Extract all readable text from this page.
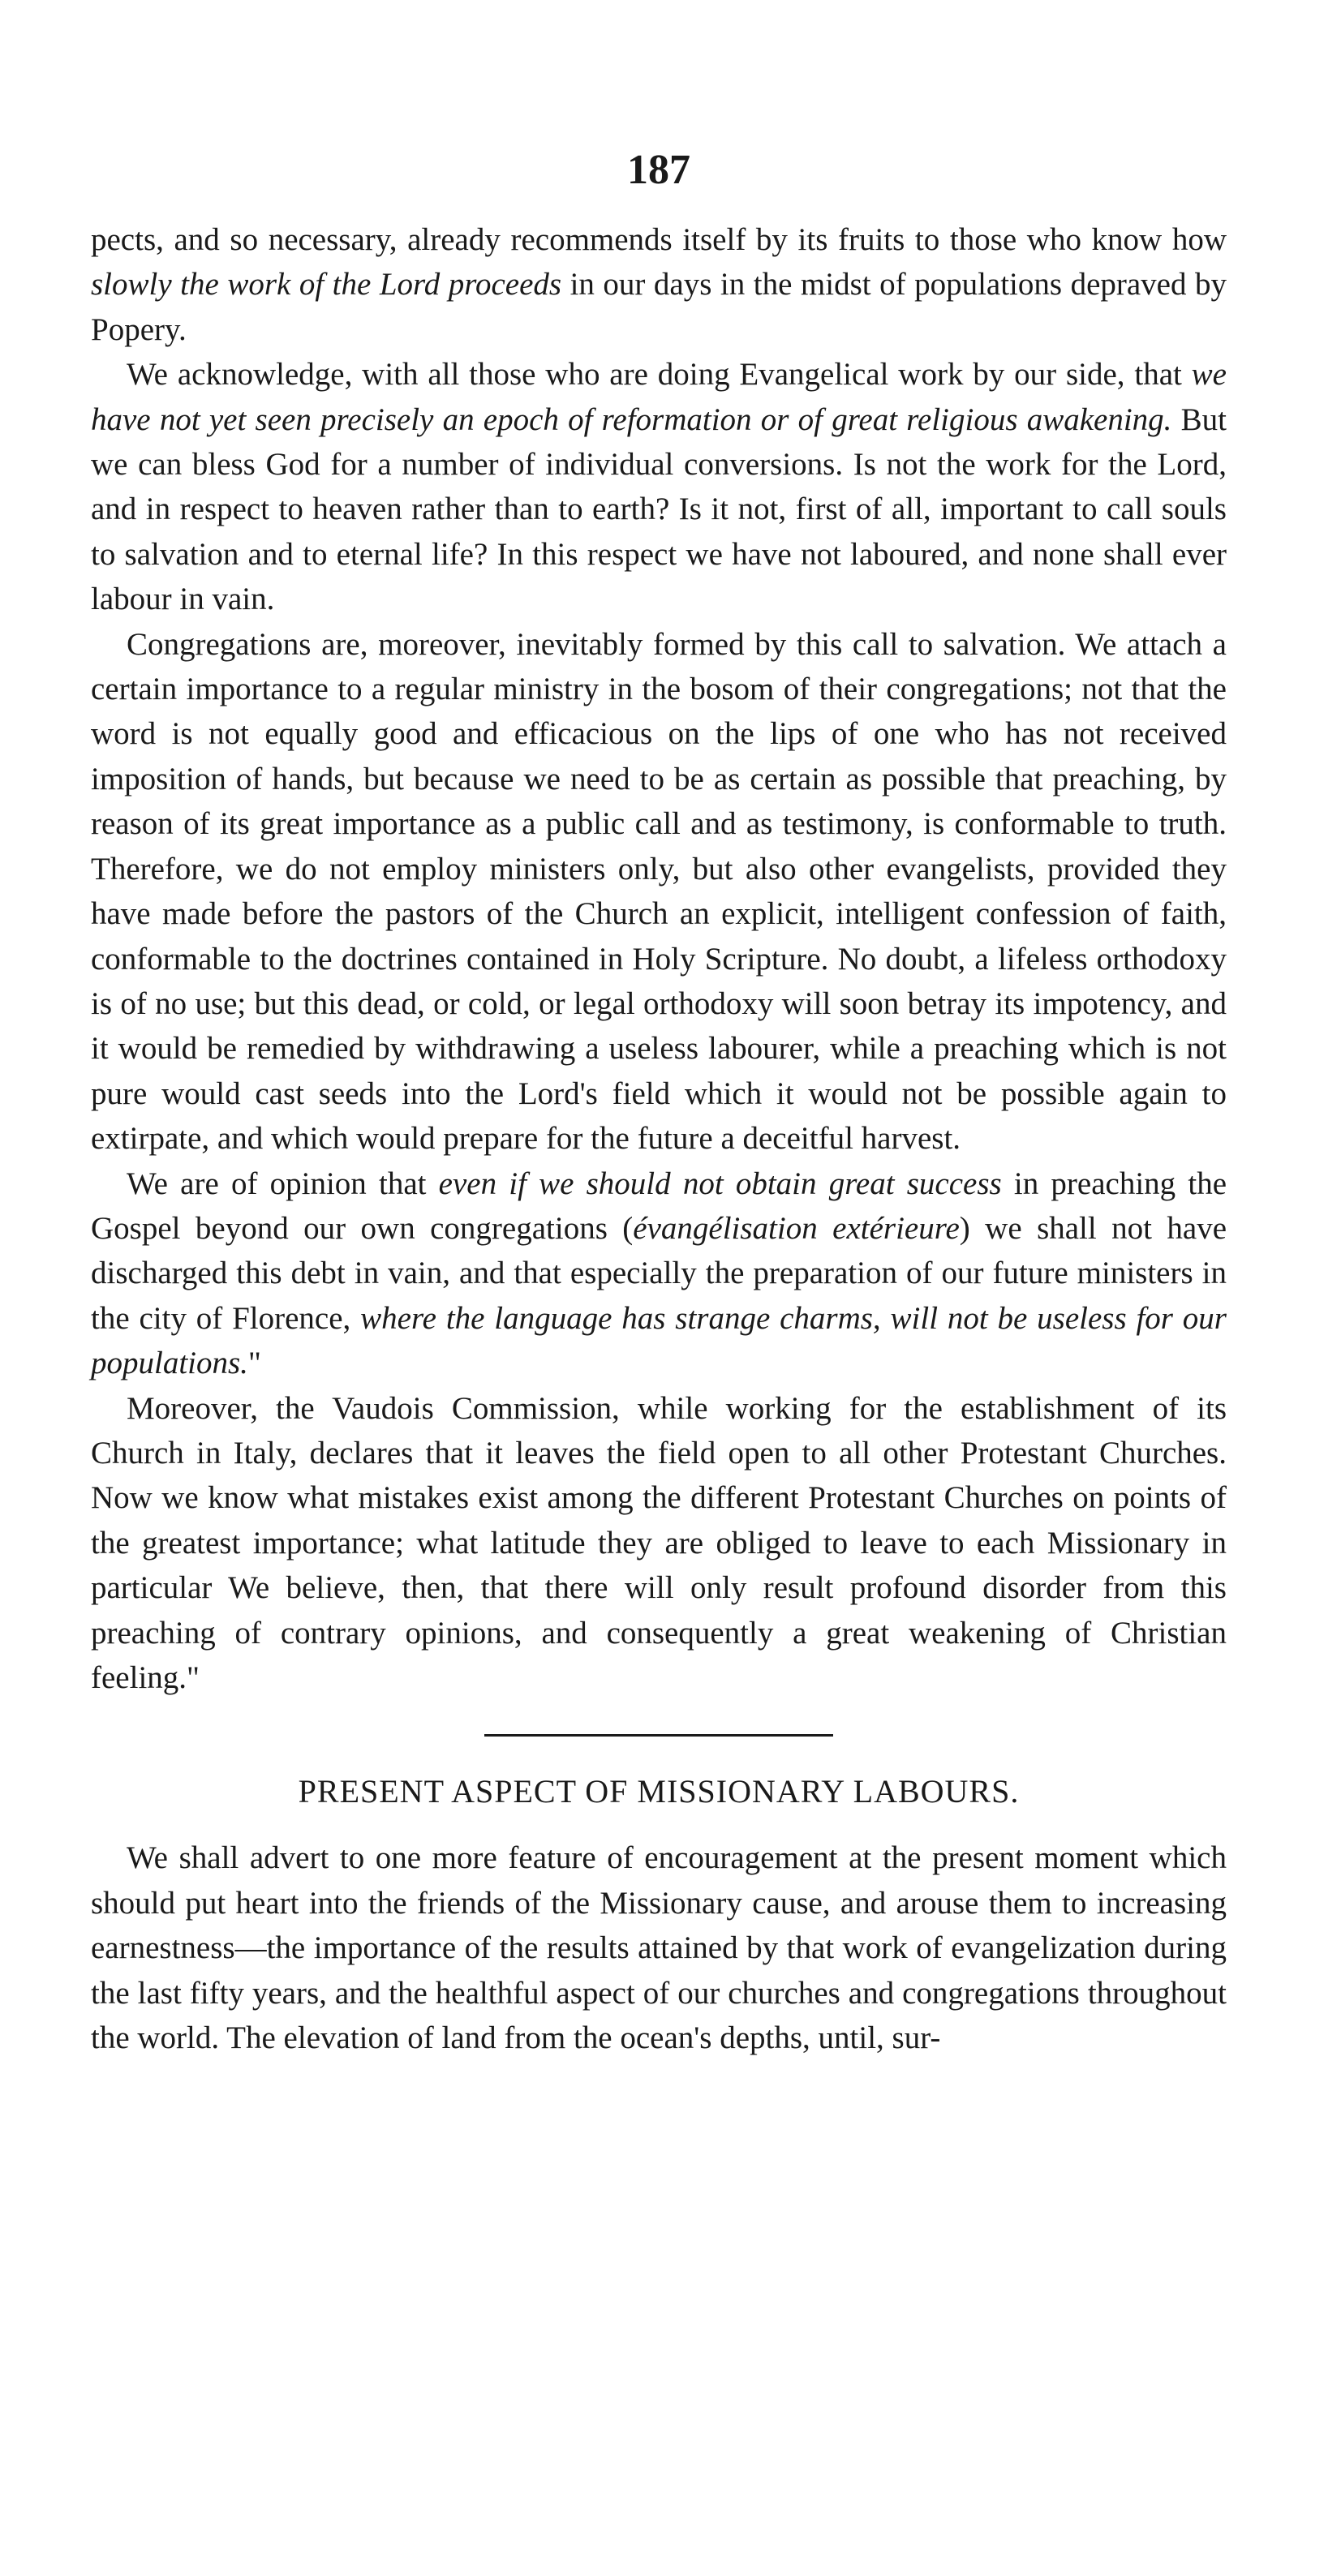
187

pects, and so necessary, already recommends itself by its fruits to those who know how slowly the work of the Lord proceeds in our days in the midst of populations depraved by Popery.

We acknowledge, with all those who are doing Evangelical work by our side, that we have not yet seen precisely an epoch of reformation or of great religious awakening. But we can bless God for a number of individual conversions. Is not the work for the Lord, and in respect to heaven rather than to earth? Is it not, first of all, important to call souls to salvation and to eternal life? In this respect we have not laboured, and none shall ever labour in vain.

Congregations are, moreover, inevitably formed by this call to salvation. We attach a certain importance to a regular ministry in the bosom of their congregations; not that the word is not equally good and efficacious on the lips of one who has not received imposition of hands, but because we need to be as certain as possible that preaching, by reason of its great importance as a public call and as testimony, is conformable to truth. Therefore, we do not employ ministers only, but also other evangelists, provided they have made before the pastors of the Church an explicit, intelligent confession of faith, conformable to the doctrines contained in Holy Scripture. No doubt, a lifeless orthodoxy is of no use; but this dead, or cold, or legal orthodoxy will soon betray its impotency, and it would be remedied by withdrawing a useless labourer, while a preaching which is not pure would cast seeds into the Lord's field which it would not be possible again to extirpate, and which would prepare for the future a deceitful harvest.

We are of opinion that even if we should not obtain great success in preaching the Gospel beyond our own congregations (évangélisation extérieure) we shall not have discharged this debt in vain, and that especially the preparation of our future ministers in the city of Florence, where the language has strange charms, will not be useless for our populations."

Moreover, the Vaudois Commission, while working for the establishment of its Church in Italy, declares that it leaves the field open to all other Protestant Churches. Now we know what mistakes exist among the different Protestant Churches on points of the greatest importance; what latitude they are obliged to leave to each Missionary in particular We believe, then, that there will only result profound disorder from this preaching of contrary opinions, and consequently a great weakening of Christian feeling."

PRESENT ASPECT OF MISSIONARY LABOURS.

We shall advert to one more feature of encouragement at the present moment which should put heart into the friends of the Missionary cause, and arouse them to increasing earnestness—the importance of the results attained by that work of evangelization during the last fifty years, and the healthful aspect of our churches and congregations throughout the world. The elevation of land from the ocean's depths, until, sur-
